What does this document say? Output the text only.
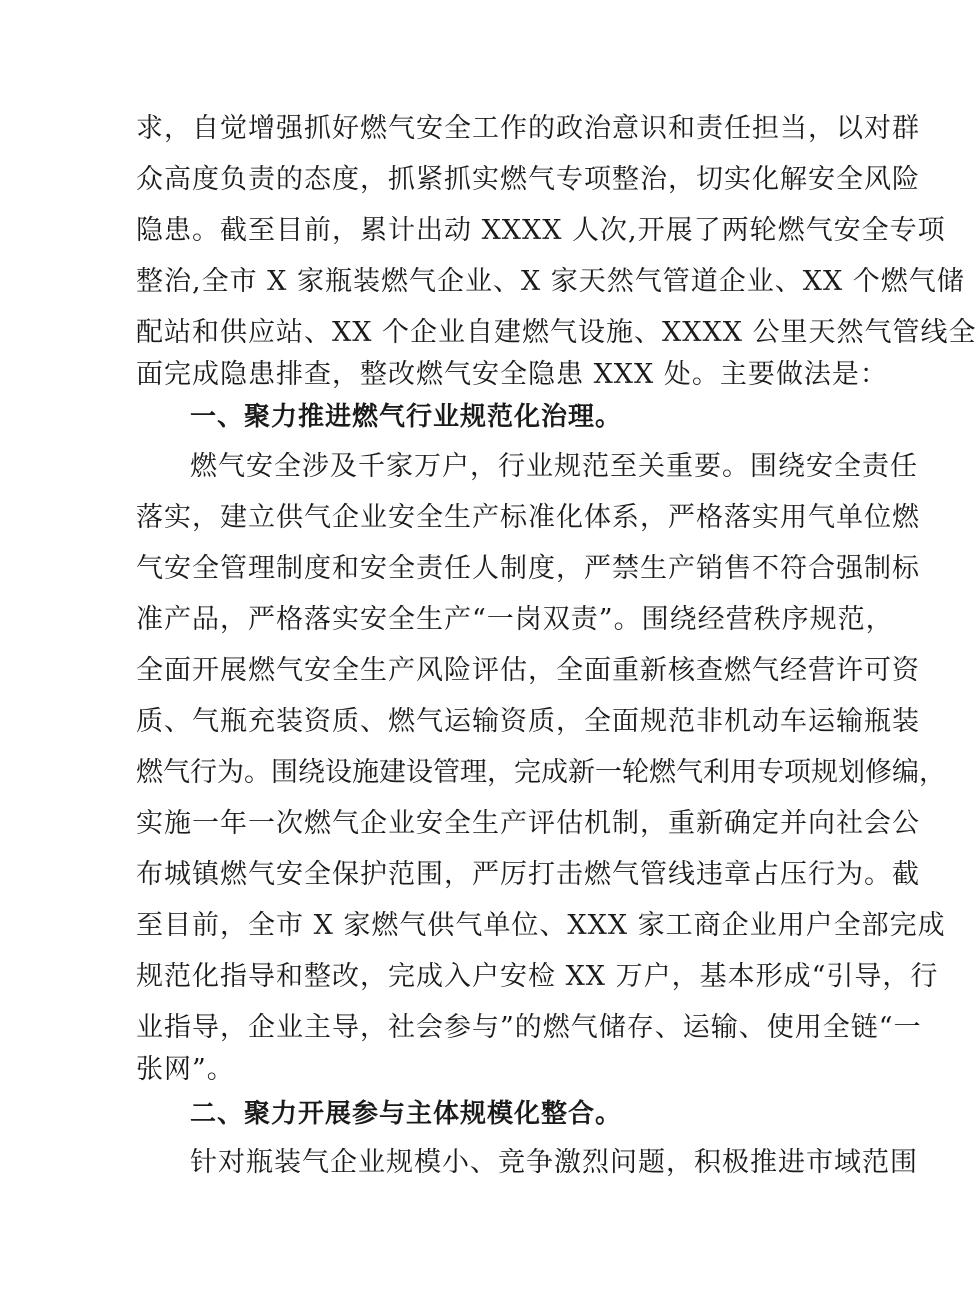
求，自觉增强抓好燃气安全工作的政治意识和责任担当，以对群
众高度负责的态度，抓紧抓实燃气专项整治，切实化解安全风险
隐患。截至目前，累计出动 XXXX 人次,开展了两轮燃气安全专项
整治,全市 X 家瓶装燃气企业、X 家天然气管道企业、XX 个燃气储
配站和供应站、XX 个企业自建燃气设施、XXXX 公里天然气管线全
面完成隐患排查，整改燃气安全隐患 XXX 处。主要做法是：
一、聚力推进燃气行业规范化治理。
燃气安全涉及千家万户，行业规范至关重要。围绕安全责任
落实，建立供气企业安全生产标准化体系，严格落实用气单位燃
气安全管理制度和安全责任人制度，严禁生产销售不符合强制标
准产品，严格落实安全生产“一岗双责”。围绕经营秩序规范，
全面开展燃气安全生产风险评估，全面重新核查燃气经营许可资
质、气瓶充装资质、燃气运输资质，全面规范非机动车运输瓶装
燃气行为。围绕设施建设管理，完成新一轮燃气利用专项规划修编，
实施一年一次燃气企业安全生产评估机制，重新确定并向社会公
布城镇燃气安全保护范围，严厉打击燃气管线违章占压行为。截
至目前，全市 X 家燃气供气单位、XXX 家工商企业用户全部完成
规范化指导和整改，完成入户安检 XX 万户，基本形成“引导，行
业指导，企业主导，社会参与”的燃气储存、运输、使用全链“一
张网”。
二、聚力开展参与主体规模化整合。
针对瓶装气企业规模小、竞争激烈问题，积极推进市域范围
